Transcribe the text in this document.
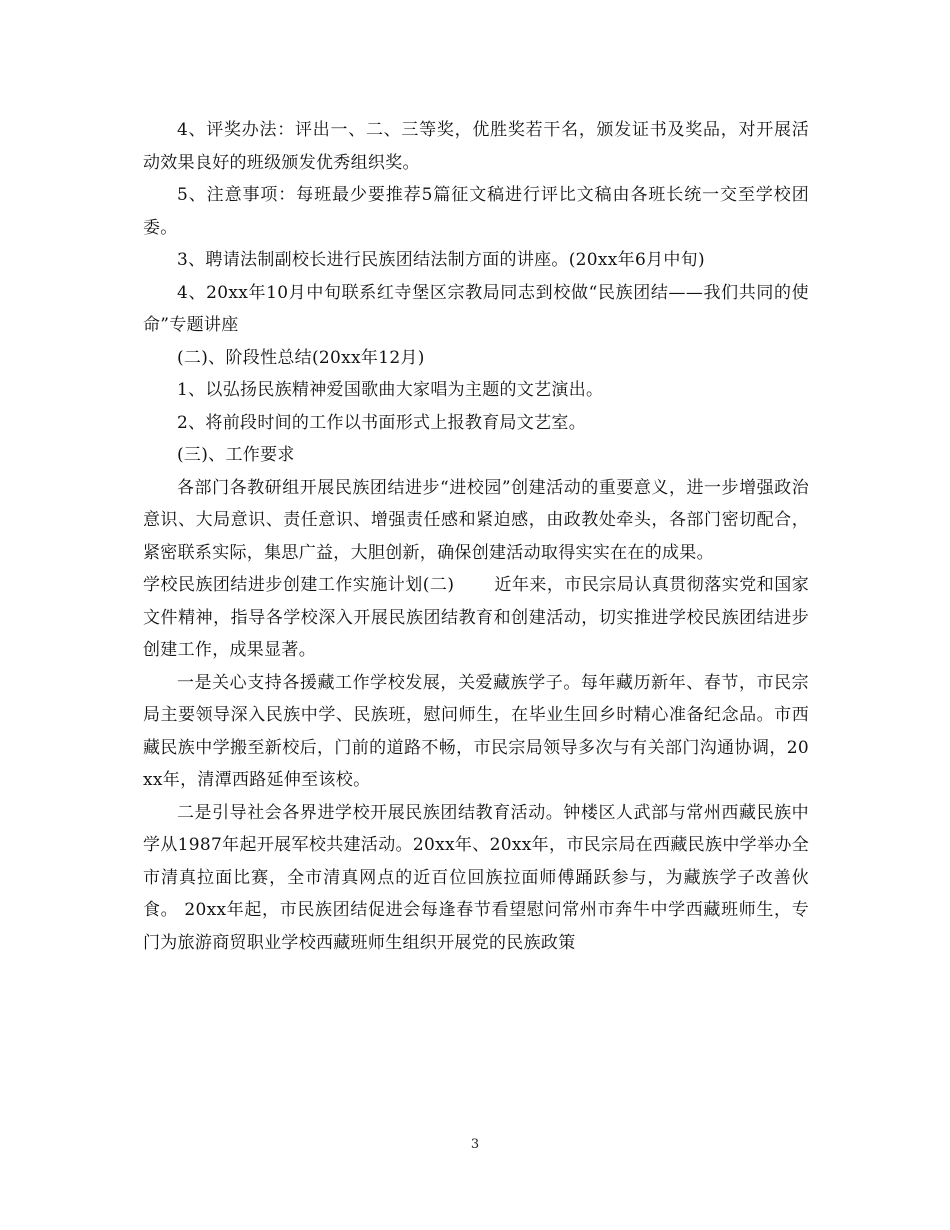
4、评奖办法：评出一、二、三等奖，优胜奖若干名，颁发证书及奖品，对开展活动效果良好的班级颁发优秀组织奖。

5、注意事项：每班最少要推荐5篇征文稿进行评比文稿由各班长统一交至学校团委。

3、聘请法制副校长进行民族团结法制方面的讲座。(20xx年6月中旬)

4、20xx年10月中旬联系红寺堡区宗教局同志到校做“民族团结——我们共同的使命”专题讲座

(二)、阶段性总结(20xx年12月)

1、以弘扬民族精神爱国歌曲大家唱为主题的文艺演出。

2、将前段时间的工作以书面形式上报教育局文艺室。

(三)、工作要求

各部门各教研组开展民族团结进步“进校园”创建活动的重要意义，进一步增强政治意识、大局意识、责任意识、增强责任感和紧迫感，由政教处牵头，各部门密切配合，紧密联系实际，集思广益，大胆创新，确保创建活动取得实实在在的成果。

学校民族团结进步创建工作实施计划(二) 近年来，市民宗局认真贯彻落实党和国家文件精神，指导各学校深入开展民族团结教育和创建活动，切实推进学校民族团结进步创建工作，成果显著。

一是关心支持各援藏工作学校发展，关爱藏族学子。每年藏历新年、春节，市民宗局主要领导深入民族中学、民族班，慰问师生，在毕业生回乡时精心准备纪念品。市西藏民族中学搬至新校后，门前的道路不畅，市民宗局领导多次与有关部门沟通协调，20xx年，清潭西路延伸至该校。

二是引导社会各界进学校开展民族团结教育活动。钟楼区人武部与常州西藏民族中学从1987年起开展军校共建活动。20xx年、20xx年，市民宗局在西藏民族中学举办全市清真拉面比赛，全市清真网点的近百位回族拉面师傅踊跃参与，为藏族学子改善伙食。 20xx年起，市民族团结促进会每逢春节看望慰问常州市奔牛中学西藏班师生，专门为旅游商贸职业学校西藏班师生组织开展党的民族政策

3
